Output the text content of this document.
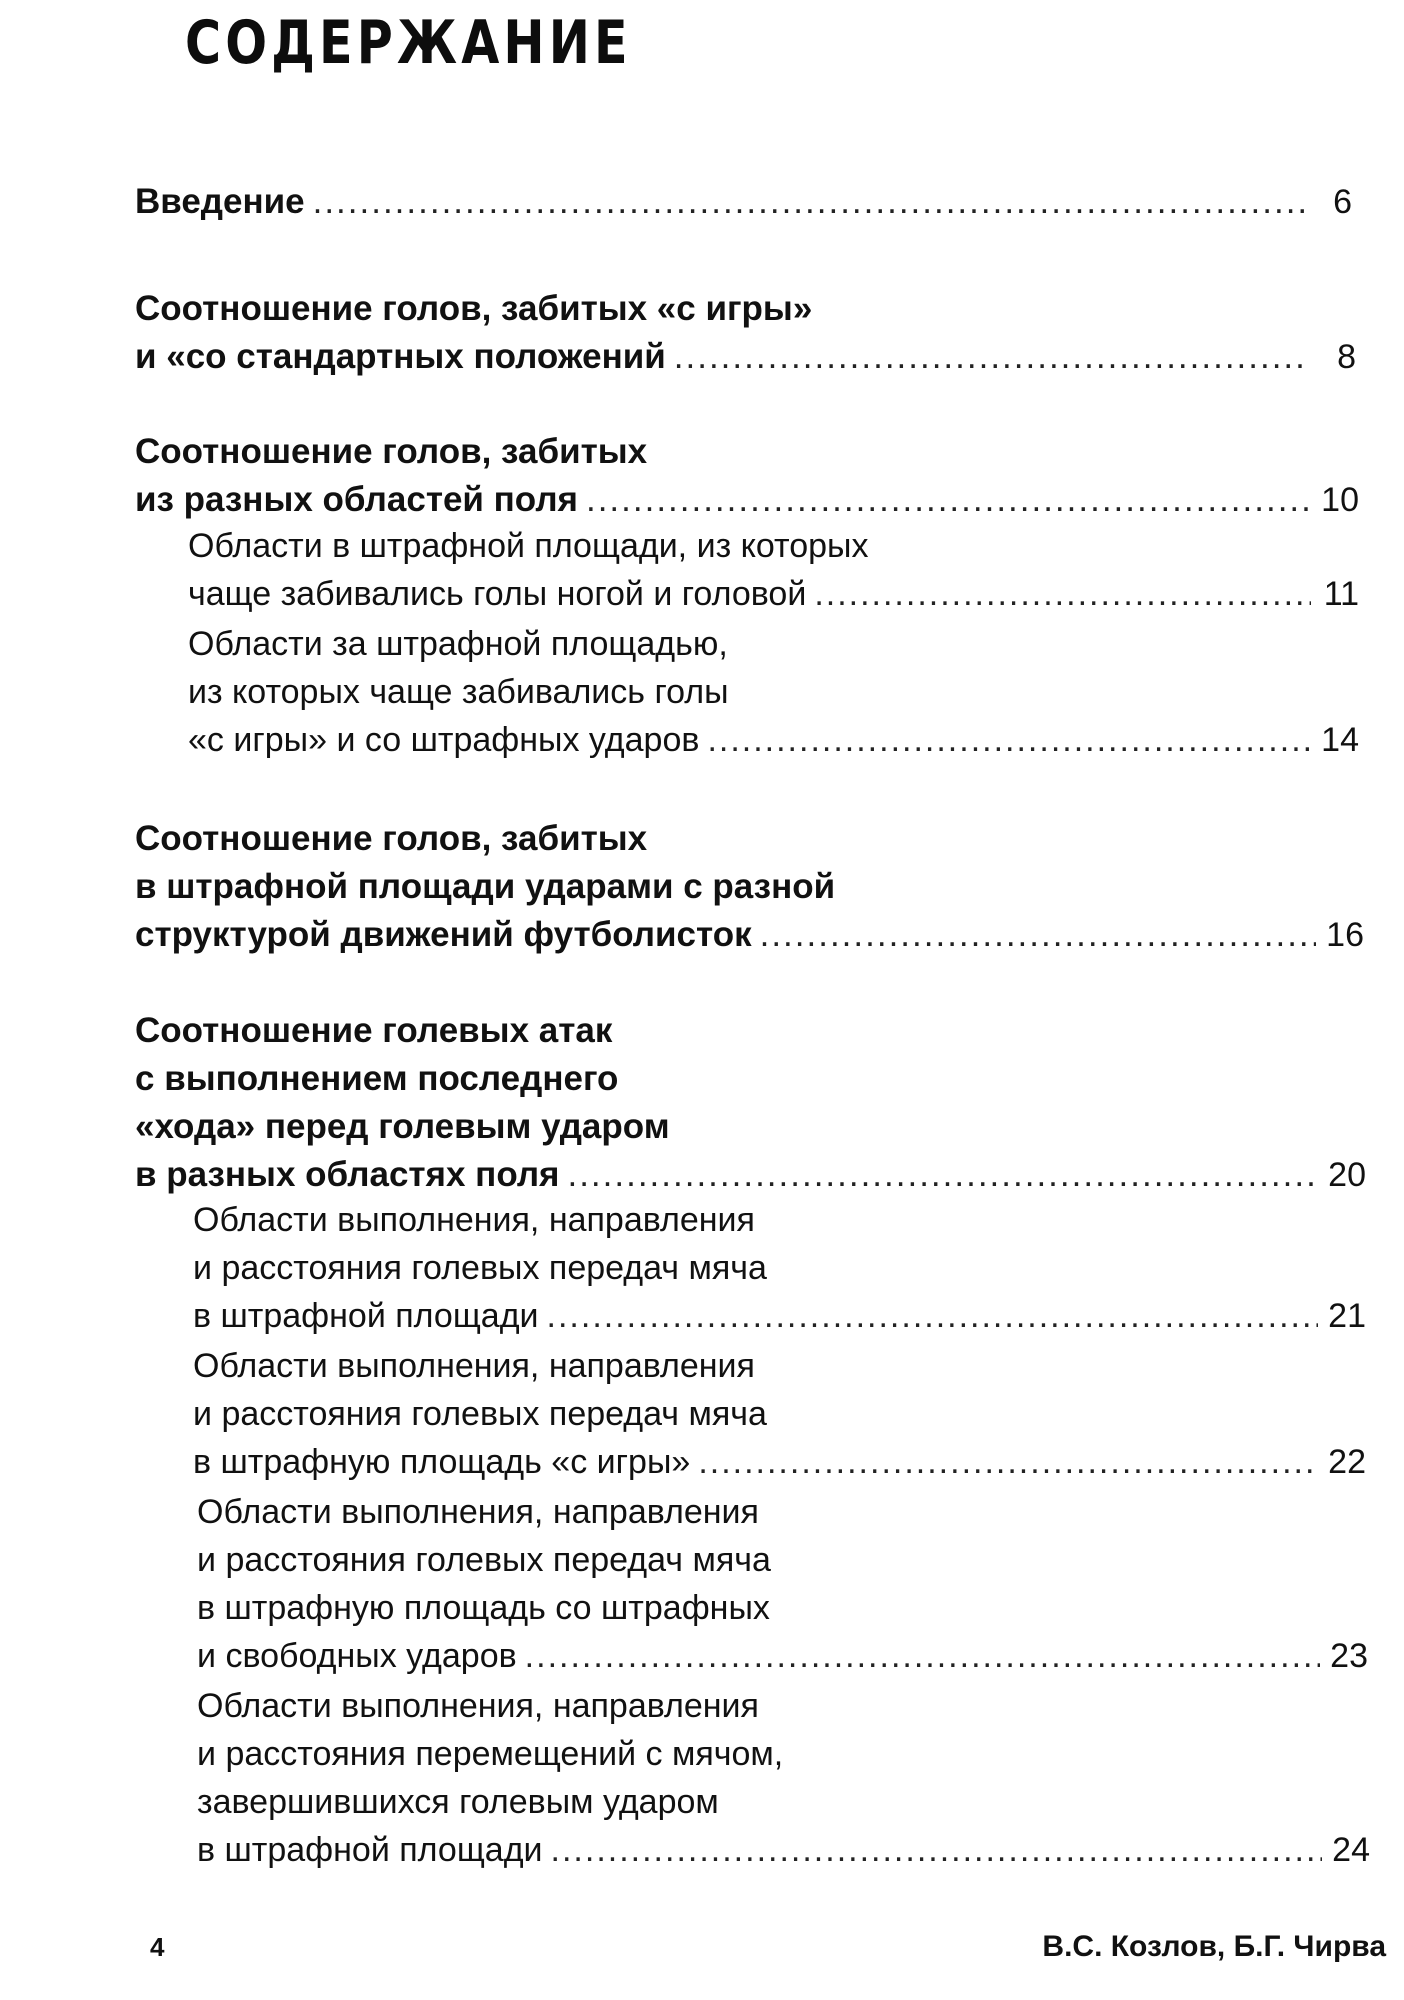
СОДЕРЖАНИЕ
Введение .....	6
Соотношение голов, забитых «с игры»
и «со стандартных положений .....	8
Соотношение голов, забитых
из разных областей поля .....	10
Области в штрафной площади, из которых
чаще забивались голы ногой и головой .....	11
Области за штрафной площадью,
из которых чаще забивались голы
«с игры» и со штрафных ударов .....	14
Соотношение голов, забитых
в штрафной площади ударами с разной
структурой движений футболисток .....	16
Соотношение голевых атак
с выполнением последнего
«хода» перед голевым ударом
в разных областях поля .....	20
Области выполнения, направления
и расстояния голевых передач мяча
в штрафной площади .....	21
Области выполнения, направления
и расстояния голевых передач мяча
в штрафную площадь «с игры» .....	22
Области выполнения, направления
и расстояния голевых передач мяча
в штрафную площадь со штрафных
и свободных ударов .....	23
Области выполнения, направления
и расстояния перемещений с мячом,
завершившихся голевым ударом
в штрафной площади .....	24
4	В.С. Козлов, Б.Г. Чирва
